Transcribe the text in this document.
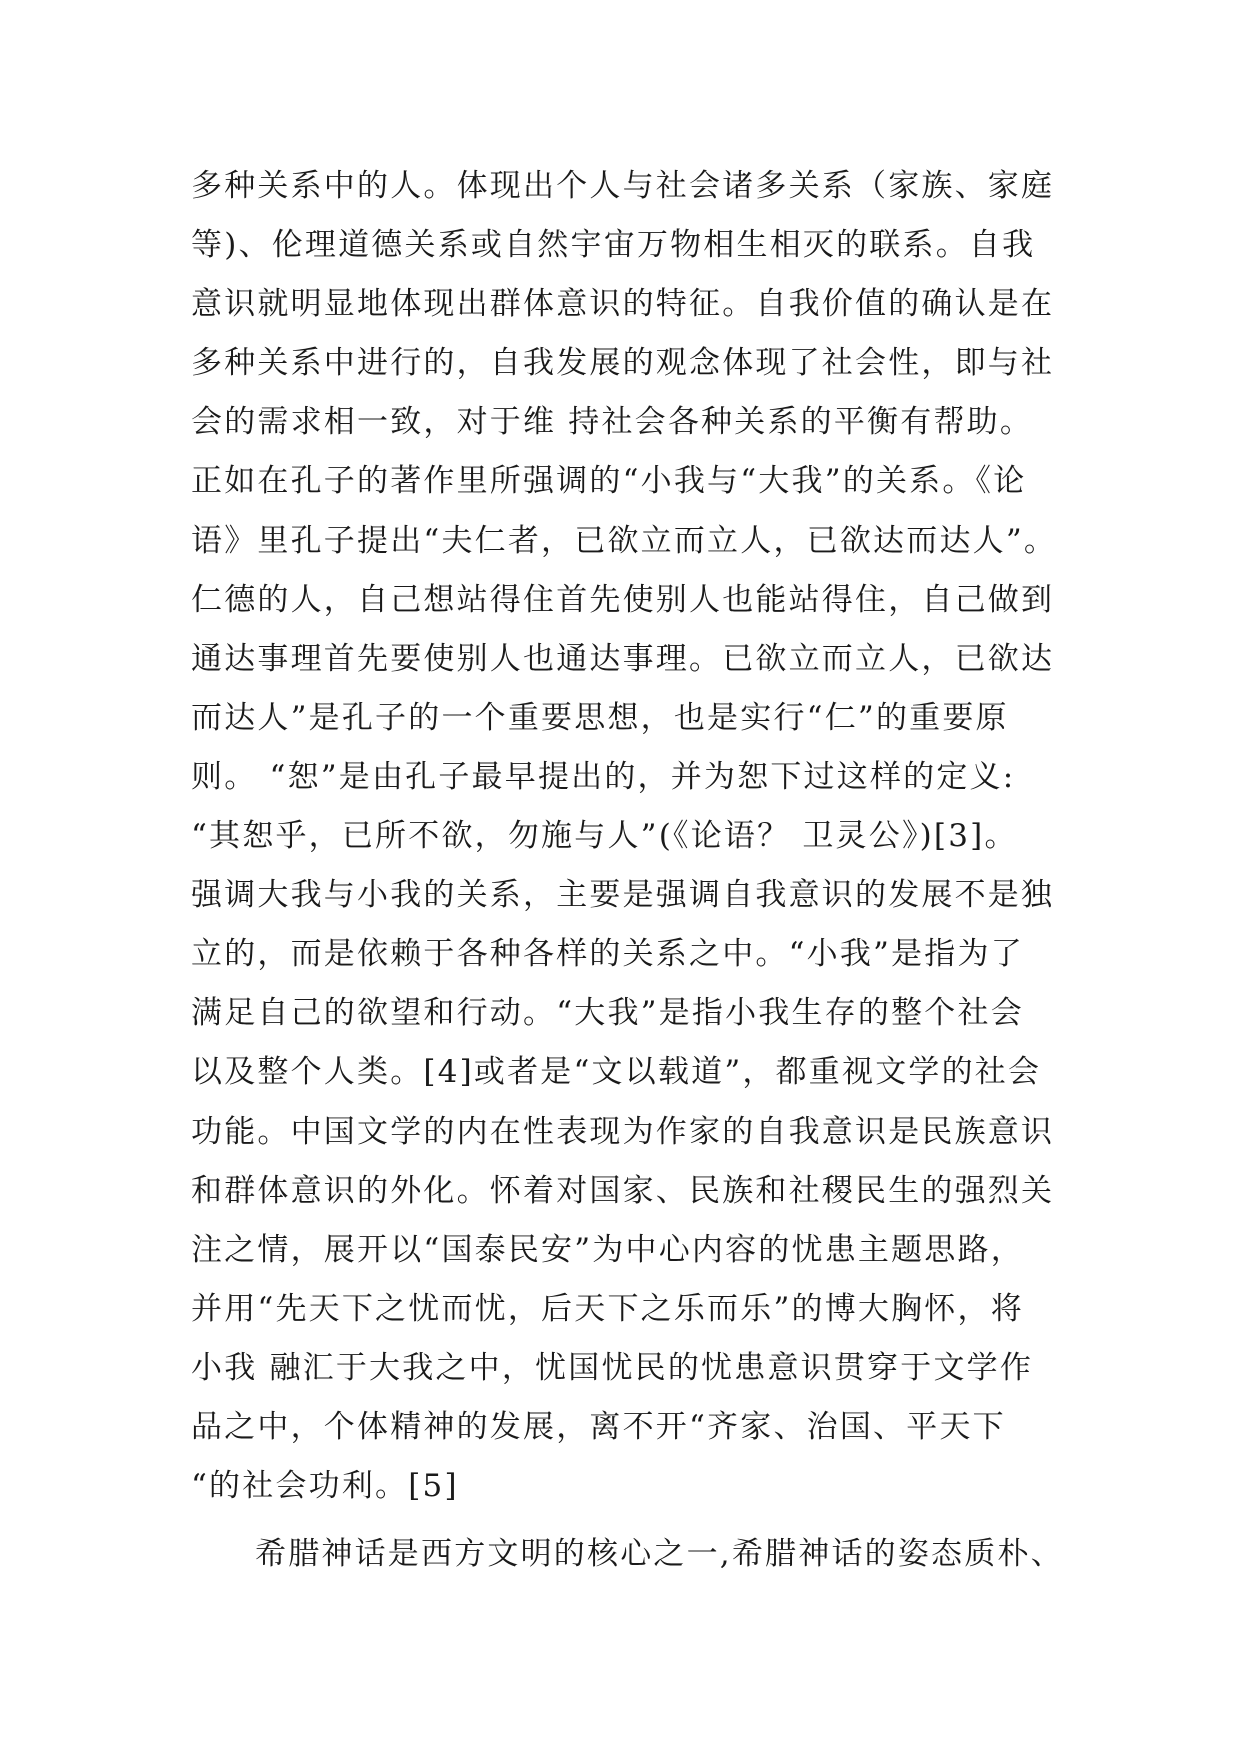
多种关系中的人。体现出个人与社会诸多关系（家族、家庭
等)、伦理道德关系或自然宇宙万物相生相灭的联系。自我
意识就明显地体现出群体意识的特征。自我价值的确认是在
多种关系中进行的，自我发展的观念体现了社会性，即与社
会的需求相一致，对于维 持社会各种关系的平衡有帮助。
正如在孔子的著作里所强调的“小我与“大我”的关系。《论
语》里孔子提出“夫仁者，已欲立而立人，已欲达而达人”。
仁德的人，自己想站得住首先使别人也能站得住，自己做到
通达事理首先要使别人也通达事理。已欲立而立人，已欲达
而达人”是孔子的一个重要思想，也是实行“仁”的重要原
则。 “恕”是由孔子最早提出的，并为恕下过这样的定义:
“其恕乎，已所不欲，勿施与人”(《论语？ 卫灵公》)[3]。
强调大我与小我的关系，主要是强调自我意识的发展不是独
立的，而是依赖于各种各样的关系之中。“小我”是指为了
满足自己的欲望和行动。“大我”是指小我生存的整个社会
以及整个人类。[4]或者是“文以载道”，都重视文学的社会
功能。中国文学的内在性表现为作家的自我意识是民族意识
和群体意识的外化。怀着对国家、民族和社稷民生的强烈关
注之情，展开以“国泰民安”为中心内容的忧患主题思路，
并用“先天下之忧而忧，后天下之乐而乐”的博大胸怀，将
小我 融汇于大我之中，忧国忧民的忧患意识贯穿于文学作
品之中，个体精神的发展，离不开“齐家、治国、平天下
“的社会功利。[5]
希腊神话是西方文明的核心之一,希腊神话的姿态质朴、
